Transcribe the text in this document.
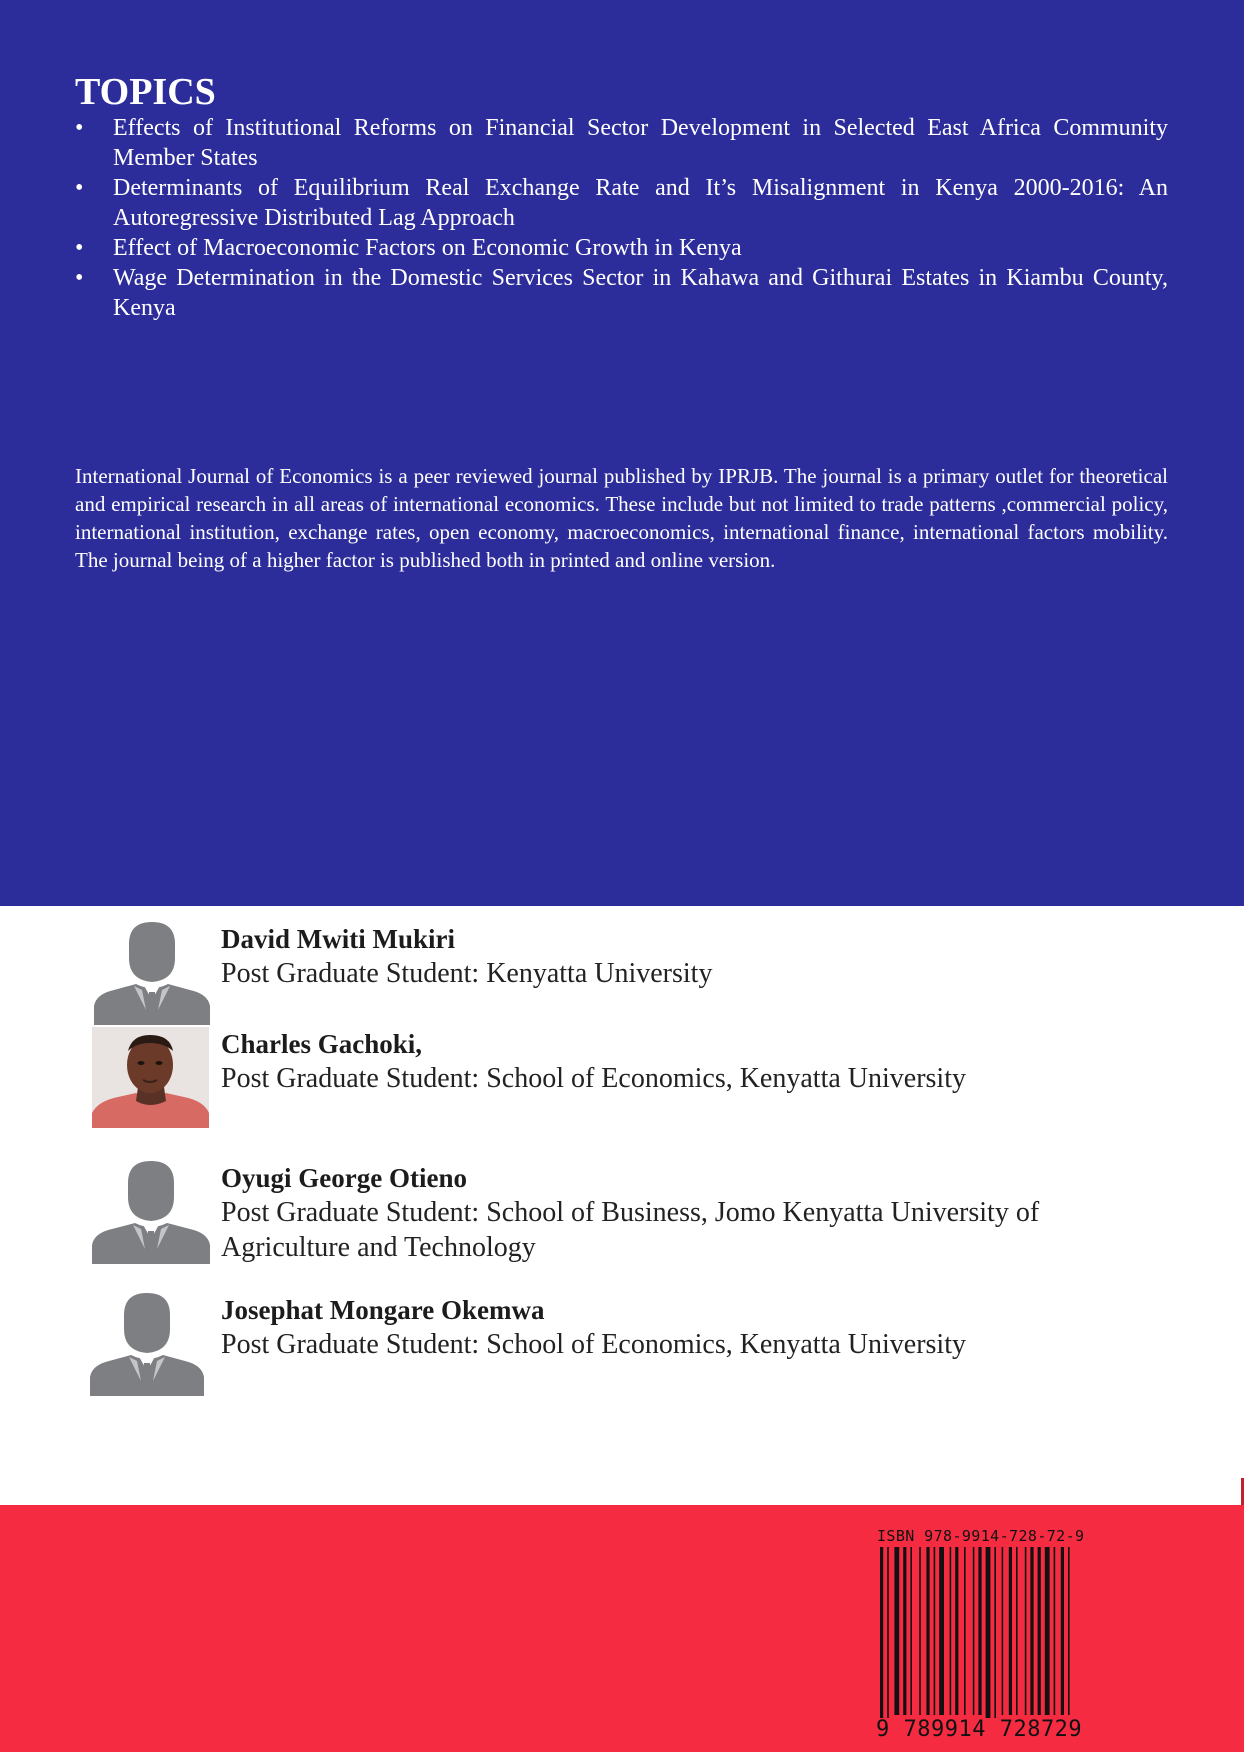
TOPICS
• Effects of Institutional Reforms on Financial Sector Development in Selected East Africa Community Member States
• Determinants of Equilibrium Real Exchange Rate and It’s Misalignment in Kenya 2000-2016: An Autoregressive Distributed Lag Approach
• Effect of Macroeconomic Factors on Economic Growth in Kenya
• Wage Determination in the Domestic Services Sector in Kahawa and Githurai Estates in Kiambu County, Kenya

International Journal of Economics is a peer reviewed journal published by IPRJB. The journal is a primary outlet for theoretical and empirical research in all areas of international economics. These include but not limited to trade patterns ,commercial policy, international institution, exchange rates, open economy, macroeconomics, international finance, international factors mobility. The journal being of a higher factor is published both in printed and online version.

David Mwiti Mukiri
Post Graduate Student: Kenyatta University
Charles Gachoki,
Post Graduate Student: School of Economics, Kenyatta University
Oyugi George Otieno
Post Graduate Student: School of Business, Jomo Kenyatta University of Agriculture and Technology
Josephat Mongare Okemwa
Post Graduate Student: School of Economics, Kenyatta University
ISBN 978-9914-728-72-9
9 789914 728729
